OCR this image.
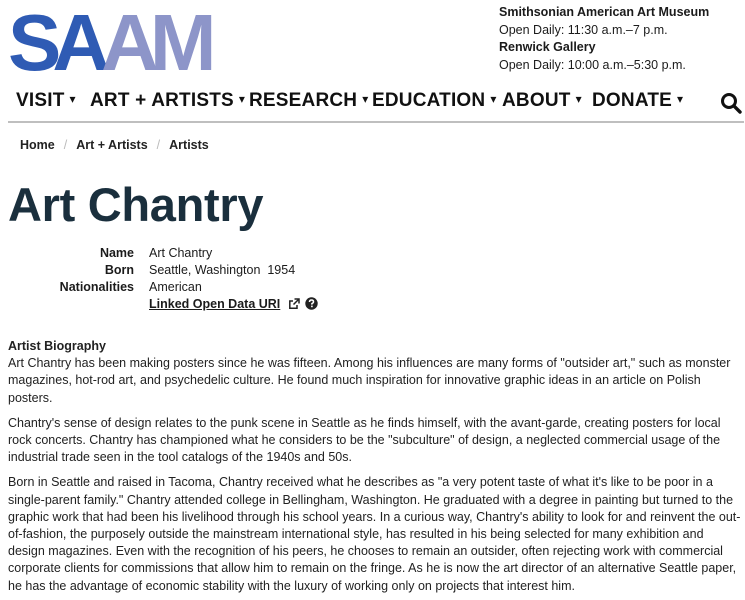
SAAM	Smithsonian American Art Museum
Open Daily: 11:30 a.m.–7 p.m.
Renwick Gallery
Open Daily: 10:00 a.m.–5:30 p.m.
VISIT ▾ ART + ARTISTS ▾ RESEARCH ▾ EDUCATION ▾ ABOUT ▾ DONATE ▾
Home / Art + Artists / Artists
Art Chantry
Name Art Chantry
Born Seattle, Washington  1954
Nationalities American
Linked Open Data URI
Artist Biography

Art Chantry has been making posters since he was fifteen. Among his influences are many forms of "outsider art," such as monster magazines, hot-rod art, and psychedelic culture. He found much inspiration for innovative graphic ideas in an article on Polish posters.

Chantry's sense of design relates to the punk scene in Seattle as he finds himself, with the avant-garde, creating posters for local rock concerts. Chantry has championed what he considers to be the "subculture" of design, a neglected commercial usage of the industrial trade seen in the tool catalogs of the 1940s and 50s.

Born in Seattle and raised in Tacoma, Chantry received what he describes as "a very potent taste of what it's like to be poor in a single-parent family." Chantry attended college in Bellingham, Washington. He graduated with a degree in painting but turned to the graphic work that had been his livelihood through his school years. In a curious way, Chantry's ability to look for and reinvent the out-of-fashion, the purposely outside the mainstream international style, has resulted in his being selected for many exhibition and design magazines. Even with the recognition of his peers, he chooses to remain an outsider, often rejecting work with commercial corporate clients for commissions that allow him to remain on the fringe. As he is now the art director of an alternative Seattle paper, he has the advantage of economic stability with the luxury of working only on projects that interest him.
